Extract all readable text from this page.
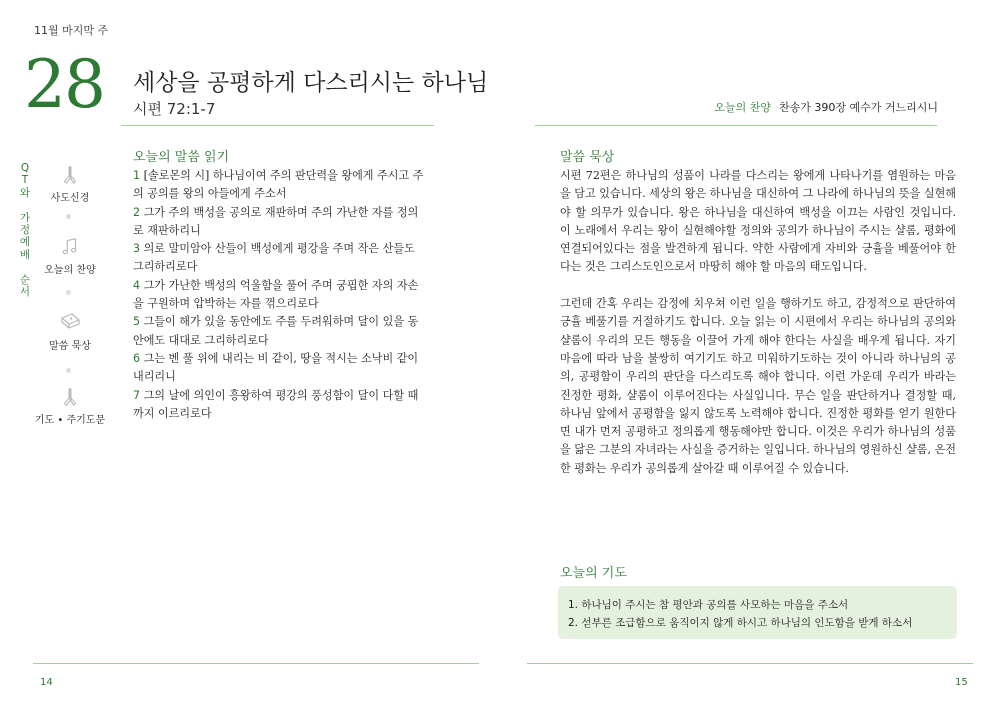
11월 마지막 주
28 세상을 공평하게 다스리시는 하나님
시편 72:1-7	오늘의 찬양 찬송가 390장 예수가 거느리시니
Q
T
와

가
정
예
배

순
서
사도신경
오늘의 찬양
말씀 묵상
기도 • 주기도문
오늘의 말씀 읽기
1 [솔로몬의 시] 하나님이여 주의 판단력을 왕에게 주시고 주
의 공의를 왕의 아들에게 주소서
2 그가 주의 백성을 공의로 재판하며 주의 가난한 자를 정의
로 재판하리니
3 의로 말미암아 산들이 백성에게 평강을 주며 작은 산들도
그리하리로다
4 그가 가난한 백성의 억울함을 풀어 주며 궁핍한 자의 자손
을 구원하며 압박하는 자를 꺾으리로다
5 그들이 해가 있을 동안에도 주를 두려워하며 달이 있을 동
안에도 대대로 그리하리로다
6 그는 벤 풀 위에 내리는 비 같이, 땅을 적시는 소낙비 같이
내리리니
7 그의 날에 의인이 흥왕하여 평강의 풍성함이 달이 다할 때
까지 이르리로다
말씀 묵상

시편 72편은 하나님의 성품이 나라를 다스리는 왕에게 나타나기를 염원하는 마음을 담고 있습니다. 세상의 왕은 하나님을 대신하여 그 나라에 하나님의 뜻을 실현해야 할 의무가 있습니다. 왕은 하나님을 대신하여 백성을 이끄는 사람인 것입니다. 이 노래에서 우리는 왕이 실현해야할 정의와 공의가 하나님이 주시는 샬롬, 평화에 연결되어있다는 점을 발견하게 됩니다. 약한 사람에게 자비와 긍휼을 베풀어야 한다는 것은 그리스도인으로서 마땅히 해야 할 마음의 태도입니다.

그런데 간혹 우리는 감정에 치우쳐 이런 일을 행하기도 하고, 감정적으로 판단하여 긍휼 베풀기를 거절하기도 합니다. 오늘 읽는 이 시편에서 우리는 하나님의 공의와 샬롬이 우리의 모든 행동을 이끌어 가게 해야 한다는 사실을 배우게 됩니다. 자기 마음에 따라 남을 불쌍히 여기기도 하고 미워하기도하는 것이 아니라 하나님의 공의, 공평함이 우리의 판단을 다스리도록 해야 합니다. 이런 가운데 우리가 바라는 진정한 평화, 샬롬이 이루어진다는 사실입니다. 무슨 일을 판단하거나 결정할 때, 하나님 앞에서 공평함을 잃지 않도록 노력해야 합니다. 진정한 평화를 얻기 원한다면 내가 먼저 공평하고 정의롭게 행동해야만 합니다. 이것은 우리가 하나님의 성품을 닮은 그분의 자녀라는 사실을 증거하는 일입니다. 하나님의 영원하신 샬롬, 온전한 평화는 우리가 공의롭게 살아갈 때 이루어질 수 있습니다.

오늘의 기도
1. 하나님이 주시는 참 평안과 공의를 사모하는 마음을 주소서
2. 섣부른 조급함으로 움직이지 않게 하시고 하나님의 인도함을 받게 하소서
14	15
